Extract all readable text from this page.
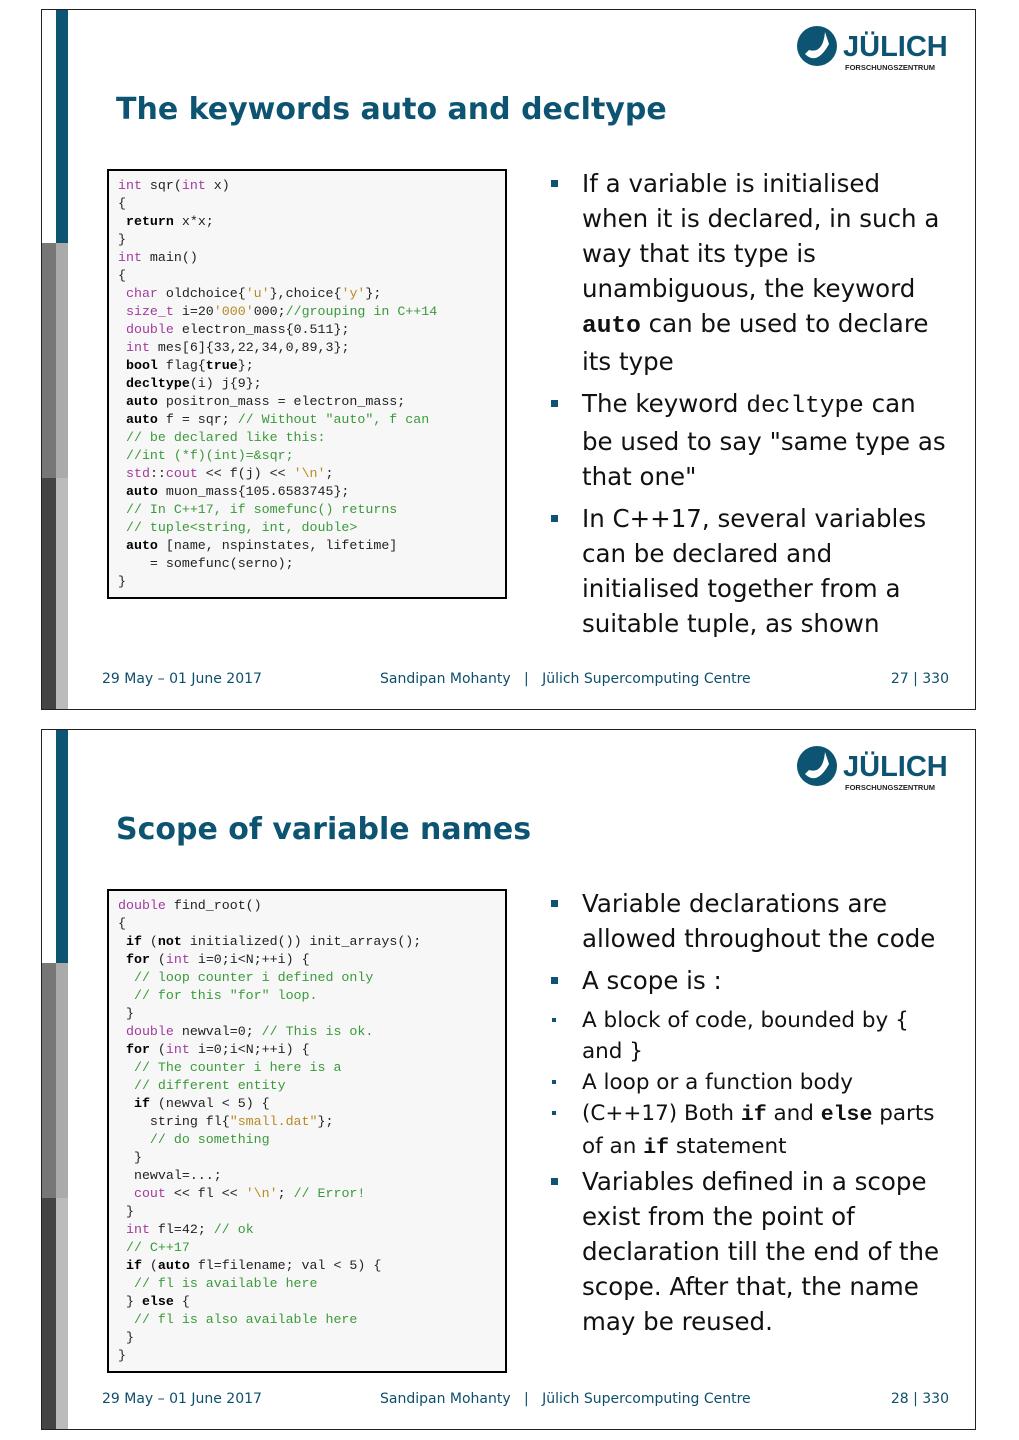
JÜLICH
FORSCHUNGSZENTRUM
The keywords auto and decltype
int sqr(int x)
{
return x*x;
}
int main()
{
char oldchoice{'u'},choice{'y'};
size_t i=20'000'000;//grouping in C++14
double electron_mass{0.511};
int mes[6]{33,22,34,0,89,3};
bool flag{true};
decltype(i) j{9};
auto positron_mass = electron_mass;
auto f = sqr; // Without "auto", f can
// be declared like this:
//int (*f)(int)=&sqr;
std::cout << f(j) << '\n';
auto muon_mass{105.6583745};
// In C++17, if somefunc() returns
// tuple<string, int, double>
auto [name, nspinstates, lifetime]
= somefunc(serno);
}
If a variable is initialised when it is declared, in such a way that its type is unambiguous, the keyword auto can be used to declare its type
The keyword decltype can be used to say "same type as that one"
In C++17, several variables can be declared and initialised together from a suitable tuple, as shown
29 May – 01 June 2017	Sandipan Mohanty   |   Jülich Supercomputing Centre	27 | 330
JÜLICH
FORSCHUNGSZENTRUM
Scope of variable names
double find_root()
{
if (not initialized()) init_arrays();
for (int i=0;i<N;++i) {
// loop counter i defined only
// for this "for" loop.
}
double newval=0; // This is ok.
for (int i=0;i<N;++i) {
// The counter i here is a
// different entity
if (newval < 5) {
string fl{"small.dat"};
// do something
}
newval=...;
cout << fl << '\n'; // Error!
}
int fl=42; // ok
// C++17
if (auto fl=filename; val < 5) {
// fl is available here
} else {
// fl is also available here
}
}
Variable declarations are allowed throughout the code
A scope is :
A block of code, bounded by { and }
A loop or a function body
(C++17) Both if and else parts of an if statement
Variables defined in a scope exist from the point of declaration till the end of the scope. After that, the name may be reused.
29 May – 01 June 2017	Sandipan Mohanty   |   Jülich Supercomputing Centre	28 | 330
